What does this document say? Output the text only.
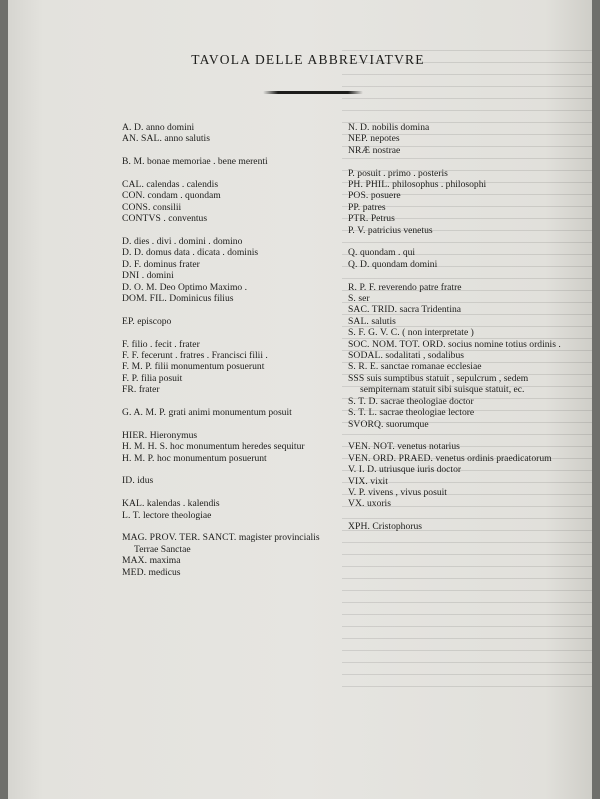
TAVOLA DELLE ABBREVIATVRE
A. D. anno domini
AN. SAL. anno salutis
B. M. bonae memoriae . bene merenti
CAL. calendas . calendis
CON. condam . quondam
CONS. consilii
CONTVS . conventus
D. dies . divi . domini . domino
D. D. domus data . dicata . dominis
D. F. dominus frater
DNI . domini
D. O. M. Deo Optimo Maximo .
DOM. FIL. Dominicus filius
EP. episcopo
F. filio . fecit . frater
F. F. fecerunt . fratres . Francisci filii .
F. M. P. filii monumentum posuerunt
F. P. filia posuit
FR. frater
G. A. M. P. grati animi monumentum posuit
HIER. Hieronymus
H. M. H. S. hoc monumentum heredes sequitur
H. M. P. hoc monumentum posuerunt
ID. idus
KAL. kalendas . kalendis
L. T. lectore theologiae
MAG. PROV. TER. SANCT. magister provincialis Terrae Sanctae
MAX. maxima
MED. medicus
N. D. nobilis domina
NEP. nepotes
NRÆ nostrae
P. posuit . primo . posteris
PH. PHIL. philosophus . philosophi
POS. posuere
PP. patres
PTR. Petrus
P. V. patricius venetus
Q. quondam . qui
Q. D. quondam domini
R. P. F. reverendo patre fratre
S. ser
SAC. TRID. sacra Tridentina
SAL. salutis
S. F. G. V. C. ( non interpretate )
SOC. NOM. TOT. ORD. socius nomine totius ordinis .
SODAL. sodalitati , sodalibus
S. R. E. sanctae romanae ecclesiae
SSS suis sumptibus statuit , sepulcrum , sedem sempiternam statuit sibi suisque statuit, ec.
S. T. D. sacrae theologiae doctor
S. T. L. sacrae theologiae lectore
SVORQ. suorumque
VEN. NOT. venetus notarius
VEN. ORD. PRAED. venetus ordinis praedicatorum
V. I. D. utriusque iuris doctor
VIX. vixit
V. P. vivens , vivus posuit
VX. uxoris
XPH. Cristophorus
